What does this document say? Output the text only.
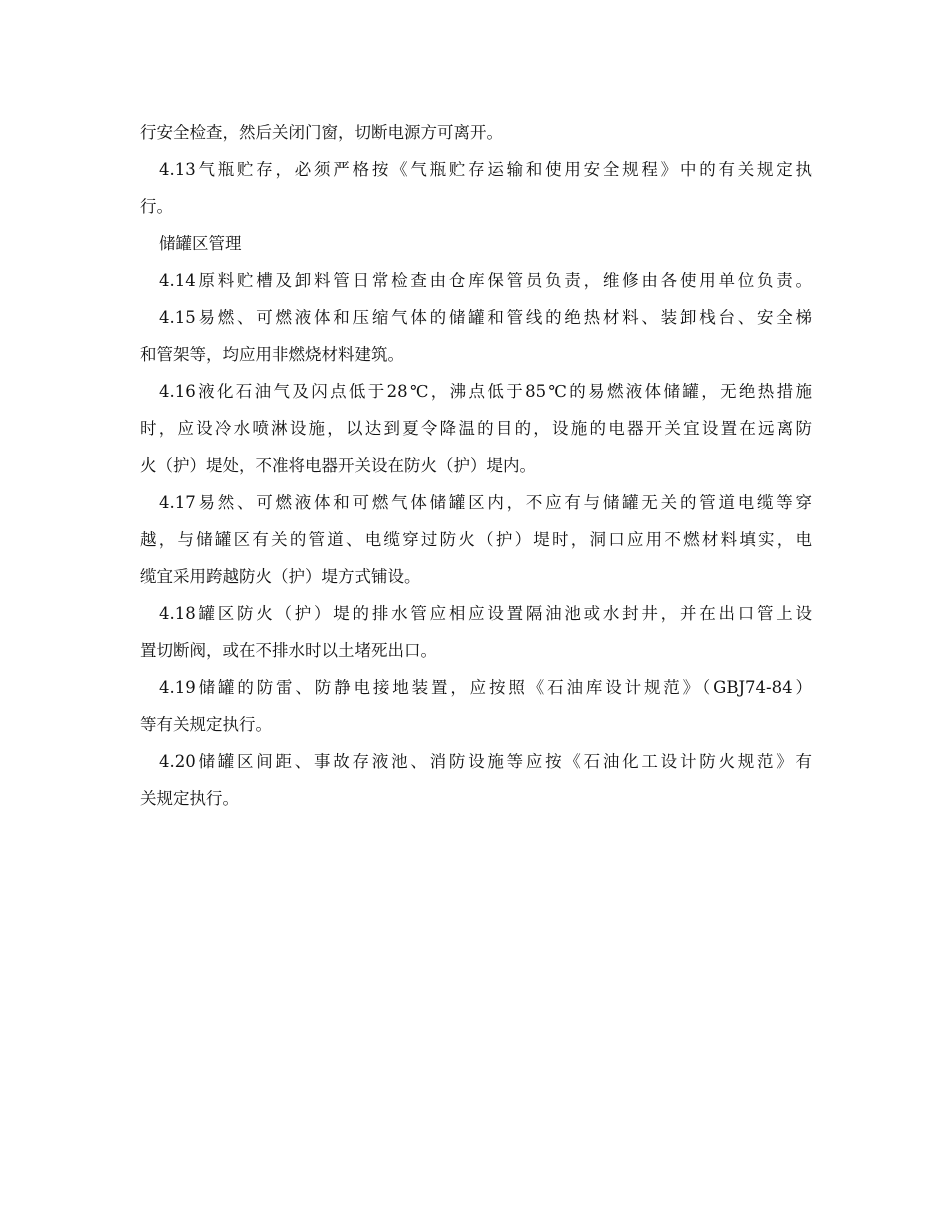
行安全检查，然后关闭门窗，切断电源方可离开。
4.13气瓶贮存，必须严格按《气瓶贮存运输和使用安全规程》中的有关规定执
行。
储罐区管理
4.14原料贮槽及卸料管日常检查由仓库保管员负责，维修由各使用单位负责。
4.15易燃、可燃液体和压缩气体的储罐和管线的绝热材料、装卸栈台、安全梯
和管架等，均应用非燃烧材料建筑。
4.16液化石油气及闪点低于28℃，沸点低于85℃的易燃液体储罐，无绝热措施
时，应设冷水喷淋设施，以达到夏令降温的目的，设施的电器开关宜设置在远离防
火（护）堤处，不准将电器开关设在防火（护）堤内。
4.17易然、可燃液体和可燃气体储罐区内，不应有与储罐无关的管道电缆等穿
越，与储罐区有关的管道、电缆穿过防火（护）堤时，洞口应用不燃材料填实，电
缆宜采用跨越防火（护）堤方式铺设。
4.18罐区防火（护）堤的排水管应相应设置隔油池或水封井，并在出口管上设
置切断阀，或在不排水时以土堵死出口。
4.19储罐的防雷、防静电接地装置，应按照《石油库设计规范》（GBJ74-84）
等有关规定执行。
4.20储罐区间距、事故存液池、消防设施等应按《石油化工设计防火规范》有
关规定执行。
